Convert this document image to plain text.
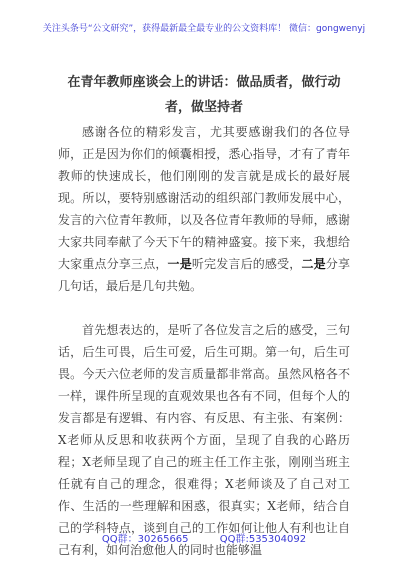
关注头条号“公文研究”，获得最新最全最专业的公文资料库！ 微信：gongwenyj
在青年教师座谈会上的讲话：做品质者，做行动者，做坚持者

感谢各位的精彩发言，尤其要感谢我们的各位导师，正是因为你们的倾囊相授，悉心指导，才有了青年教师的快速成长，他们刚刚的发言就是成长的最好展现。所以，要特别感谢活动的组织部门教师发展中心，发言的六位青年教师，以及各位青年教师的导师，感谢大家共同奉献了今天下午的精神盛宴。接下来，我想给大家重点分享三点，一是听完发言后的感受，二是分享几句话，最后是几句共勉。

首先想表达的，是听了各位发言之后的感受，三句话，后生可畏，后生可爱，后生可期。第一句，后生可畏。今天六位老师的发言质量都非常高。虽然风格各不一样，课件所呈现的直观效果也各有不同，但每个人的发言都是有逻辑、有内容、有反思、有主张、有案例：X老师从反思和收获两个方面，呈现了自我的心路历程；X老师呈现了自己的班主任工作主张，刚刚当班主任就有自己的理念，很难得；X老师谈及了自己对工作、生活的一些理解和困惑，很真实；X老师，结合自己的学科特点，谈到自己的工作如何让他人有利也让自己有利，如何治愈他人的同时也能够温

QQ群：30265665	QQ群:535304092
